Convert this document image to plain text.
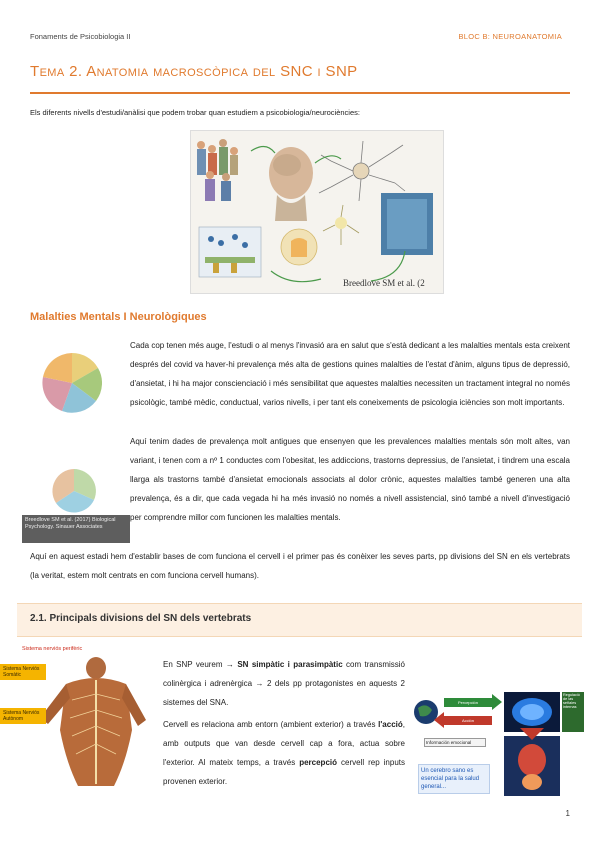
Fonaments de Psicobiologia II	BLOC B: NEUROANATOMIA
Tema 2. Anatomia macroscòpica del SNC i SNP
Els diferents nivells d'estudi/anàlisi que podem trobar quan estudiem a psicobiologia/neurociències:
Breedlove SM et al. (2
Malalties Mentals I Neurològiques
Breedlove SM et al. (2017) Biological Psychology. Sinauer Associates
Cada cop tenen més auge, l'estudi o al menys l'invasió ara en salut que s'està dedicant a les malalties mentals esta creixent després del covid va haver-hi prevalença més alta de gestions quines malalties de l'estat d'ànim, alguns tipus de depressió, d'ansietat, i hi ha major conscienciació i més sensibilitat que aquestes malalties necessiten un tractament integral no només psicològic, també mèdic, conductual, varios nivells, i per tant els coneixements de psicologia iciències son molt importants.
Aquí tenim dades de prevalença molt antigues que ensenyen que les prevalences malalties mentals són molt altes, van variant, i tenen com a nº 1 conductes com l'obesitat, les addiccions, trastorns depressius, de l'ansietat, i tindrem una escala llarga als trastorns també d'ansietat emocionals associats al dolor crònic, aquestes malalties també generen una alta prevalença, és a dir, que cada vegada hi ha més invasió no només a nivell assistencial, sinó també a nivell d'investigació per comprendre millor com funcionen les malalties mentals.
Aquí en aquest estadi hem d'establir bases de com funciona el cervell i el primer pas és conèixer les seves parts, pp divisions del SN en els vertebrats (la veritat, estem molt centrats en com funciona cervell humans).
2.1. Principals divisions del SN dels vertebrats
Sistema nerviós perifèric
Sistema Nerviós Somàtic
Sistema Nerviós Autònom
En SNP veurem → SN simpàtic i parasimpàtic com transmissió colinèrgica i adrenèrgica → 2 dels pp protagonistes en aquests 2 sistemes del SNA.
Cervell es relaciona amb entorn (ambient exterior) a través l'acció, amb outputs que van desde cervell cap a fora, actua sobre l'exterior. Al mateix temps, a través percepció cervell rep inputs provenen exterior.
Percepción
Acción
Información emocional
Regulació de las señales internas
Un cerebro sano es esencial para la salud general...
1
